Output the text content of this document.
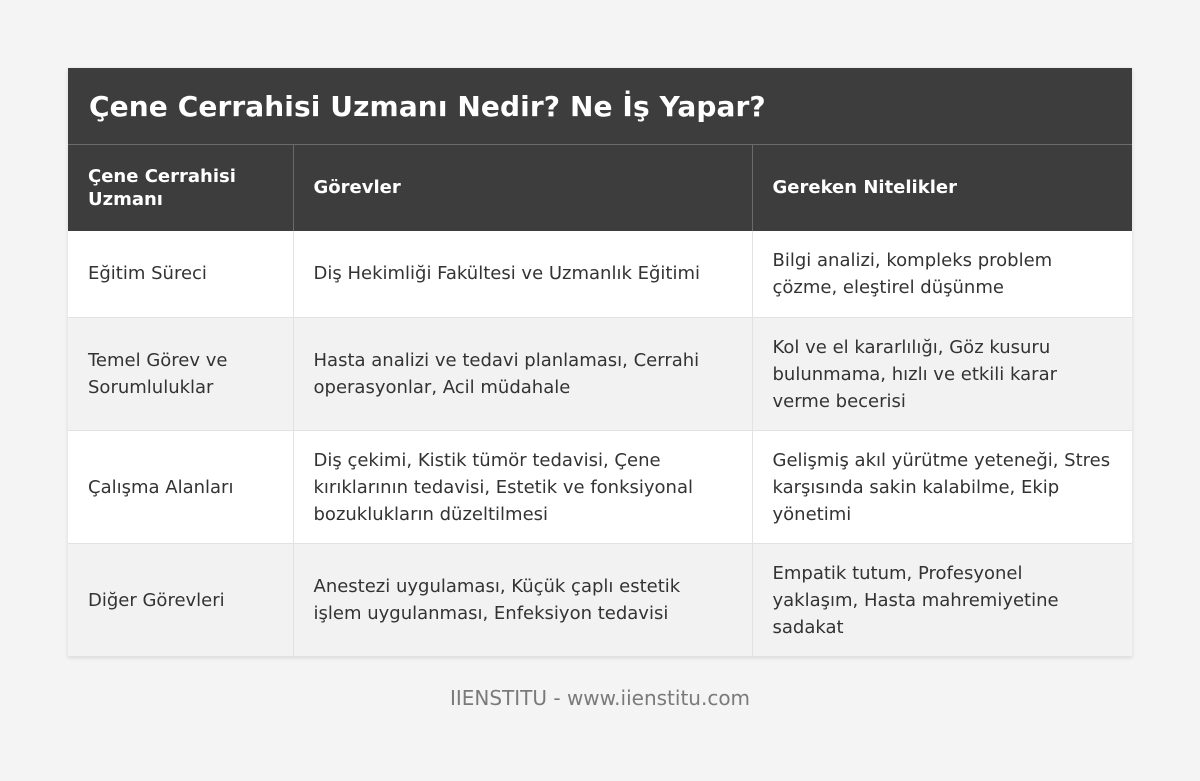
Çene Cerrahisi Uzmanı Nedir? Ne İş Yapar?
Çene Cerrahisi Uzmanı	Görevler	Gereken Nitelikler
Eğitim Süreci	Diş Hekimliği Fakültesi ve Uzmanlık Eğitimi	Bilgi analizi, kompleks problem çözme, eleştirel düşünme
Temel Görev ve Sorumluluklar	Hasta analizi ve tedavi planlaması, Cerrahi operasyonlar, Acil müdahale	Kol ve el kararlılığı, Göz kusuru bulunmama, hızlı ve etkili karar verme becerisi
Çalışma Alanları	Diş çekimi, Kistik tümör tedavisi, Çene kırıklarının tedavisi, Estetik ve fonksiyonal bozuklukların düzeltilmesi	Gelişmiş akıl yürütme yeteneği, Stres karşısında sakin kalabilme, Ekip yönetimi
Diğer Görevleri	Anestezi uygulaması, Küçük çaplı estetik işlem uygulanması, Enfeksiyon tedavisi	Empatik tutum, Profesyonel yaklaşım, Hasta mahremiyetine sadakat
IIENSTITU - www.iienstitu.com
